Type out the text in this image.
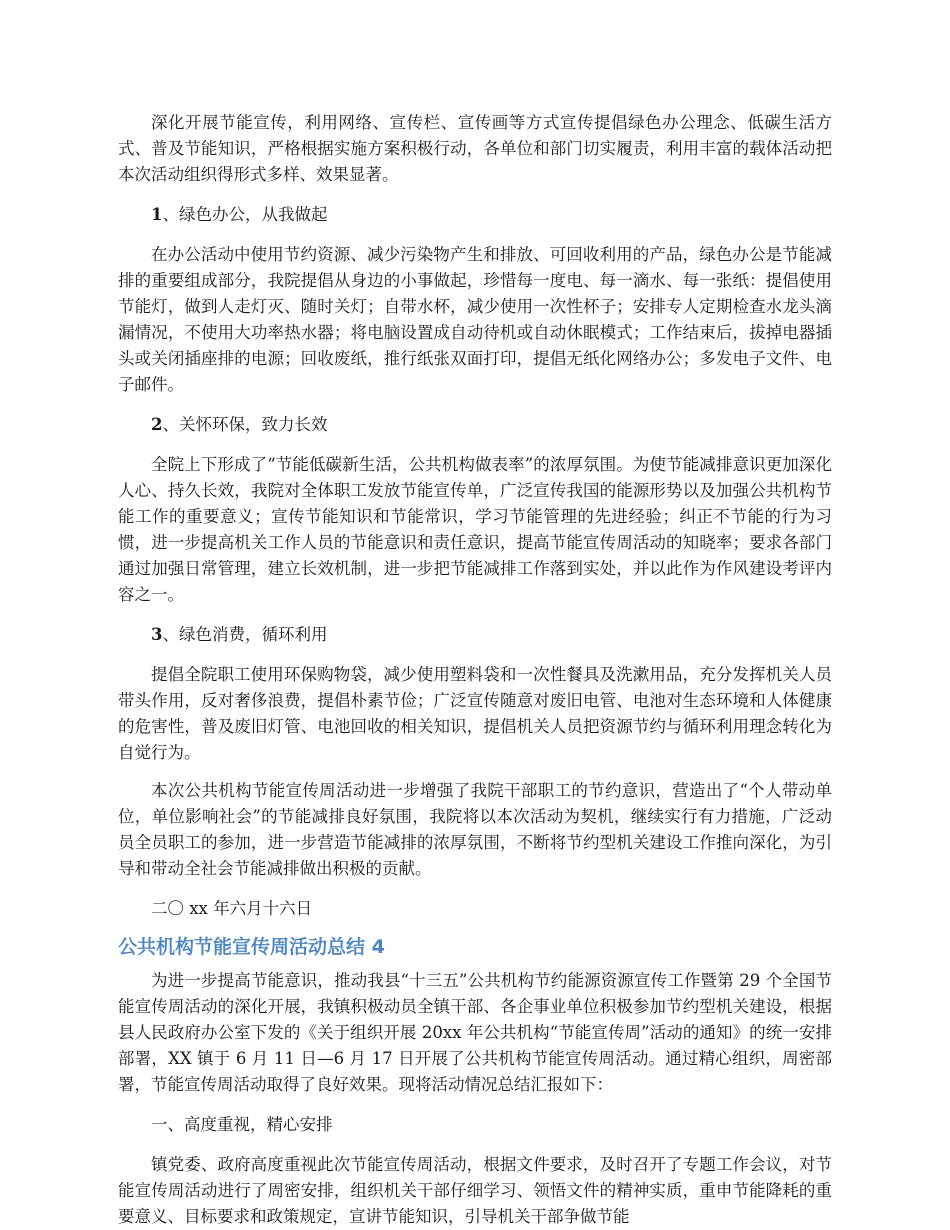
深化开展节能宣传，利用网络、宣传栏、宣传画等方式宣传提倡绿色办公理念、低碳生活方式、普及节能知识，严格根据实施方案积极行动，各单位和部门切实履责，利用丰富的载体活动把本次活动组织得形式多样、效果显著。

1、绿色办公，从我做起

在办公活动中使用节约资源、减少污染物产生和排放、可回收利用的产品，绿色办公是节能减排的重要组成部分，我院提倡从身边的小事做起，珍惜每一度电、每一滴水、每一张纸：提倡使用节能灯，做到人走灯灭、随时关灯；自带水杯，减少使用一次性杯子；安排专人定期检查水龙头滴漏情况，不使用大功率热水器；将电脑设置成自动待机或自动休眠模式；工作结束后，拔掉电器插头或关闭插座排的电源；回收废纸，推行纸张双面打印，提倡无纸化网络办公；多发电子文件、电子邮件。

2、关怀环保，致力长效

全院上下形成了“节能低碳新生活，公共机构做表率”的浓厚氛围。为使节能减排意识更加深化人心、持久长效，我院对全体职工发放节能宣传单，广泛宣传我国的能源形势以及加强公共机构节能工作的重要意义；宣传节能知识和节能常识，学习节能管理的先进经验；纠正不节能的行为习惯，进一步提高机关工作人员的节能意识和责任意识，提高节能宣传周活动的知晓率；要求各部门通过加强日常管理，建立长效机制，进一步把节能减排工作落到实处，并以此作为作风建设考评内容之一。

3、绿色消费，循环利用

提倡全院职工使用环保购物袋，减少使用塑料袋和一次性餐具及洗漱用品，充分发挥机关人员带头作用，反对奢侈浪费，提倡朴素节俭；广泛宣传随意对废旧电管、电池对生态环境和人体健康的危害性，普及废旧灯管、电池回收的相关知识，提倡机关人员把资源节约与循环利用理念转化为自觉行为。

本次公共机构节能宣传周活动进一步增强了我院干部职工的节约意识，营造出了“个人带动单位，单位影响社会”的节能减排良好氛围，我院将以本次活动为契机，继续实行有力措施，广泛动员全员职工的参加，进一步营造节能减排的浓厚氛围，不断将节约型机关建设工作推向深化，为引导和带动全社会节能减排做出积极的贡献。

二〇 xx 年六月十六日

公共机构节能宣传周活动总结 4

为进一步提高节能意识，推动我县“十三五”公共机构节约能源资源宣传工作暨第 29 个全国节能宣传周活动的深化开展，我镇积极动员全镇干部、各企事业单位积极参加节约型机关建设，根据县人民政府办公室下发的《关于组织开展 20xx 年公共机构“节能宣传周”活动的通知》的统一安排部署，XX 镇于 6 月 11 日—6 月 17 日开展了公共机构节能宣传周活动。通过精心组织，周密部署，节能宣传周活动取得了良好效果。现将活动情况总结汇报如下：

一、高度重视，精心安排

镇党委、政府高度重视此次节能宣传周活动，根据文件要求，及时召开了专题工作会议，对节能宣传周活动进行了周密安排，组织机关干部仔细学习、领悟文件的精神实质，重申节能降耗的重要意义、目标要求和政策规定，宣讲节能知识，引导机关干部争做节能
